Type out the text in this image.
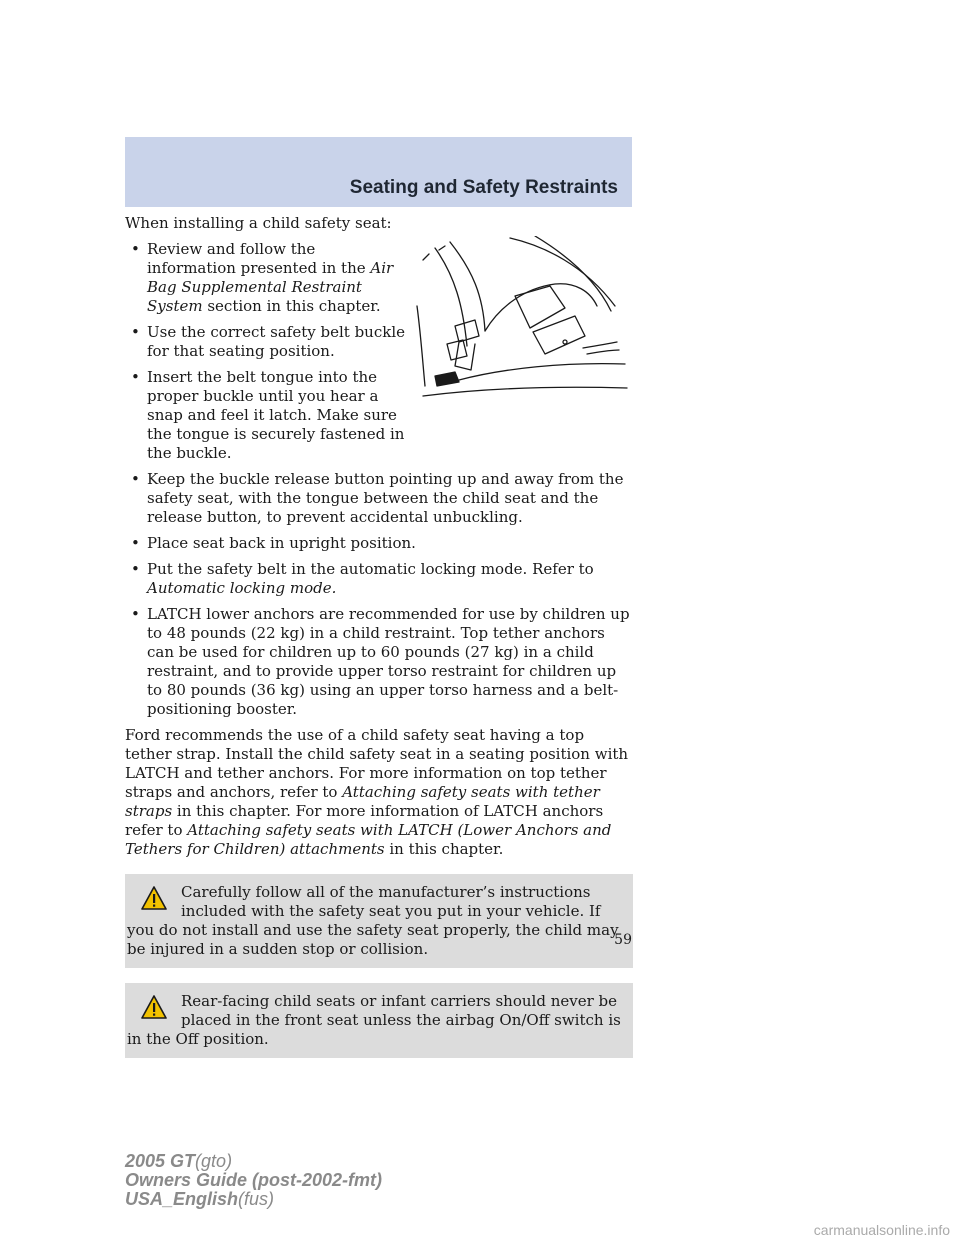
Seating and Safety Restraints

When installing a child safety seat:

• Review and follow the information presented in the Air Bag Supplemental Restraint System section in this chapter.
• Use the correct safety belt buckle for that seating position.
• Insert the belt tongue into the proper buckle until you hear a snap and feel it latch. Make sure the tongue is securely fastened in the buckle.
• Keep the buckle release button pointing up and away from the safety seat, with the tongue between the child seat and the release button, to prevent accidental unbuckling.
• Place seat back in upright position.
• Put the safety belt in the automatic locking mode. Refer to Automatic locking mode.
• LATCH lower anchors are recommended for use by children up to 48 pounds (22 kg) in a child restraint. Top tether anchors can be used for children up to 60 pounds (27 kg) in a child restraint, and to provide upper torso restraint for children up to 80 pounds (36 kg) using an upper torso harness and a belt-positioning booster.

Ford recommends the use of a child safety seat having a top tether strap. Install the child safety seat in a seating position with LATCH and tether anchors. For more information on top tether straps and anchors, refer to Attaching safety seats with tether straps in this chapter. For more information of LATCH anchors refer to Attaching safety seats with LATCH (Lower Anchors and Tethers for Children) attachments in this chapter.

Carefully follow all of the manufacturer’s instructions included with the safety seat you put in your vehicle. If you do not install and use the safety seat properly, the child may be injured in a sudden stop or collision.
Rear-facing child seats or infant carriers should never be placed in the front seat unless the airbag On/Off switch is in the Off position.

59

2005 GT(gto)
Owners Guide (post-2002-fmt)
USA_English(fus)
carmanualsonline.info
